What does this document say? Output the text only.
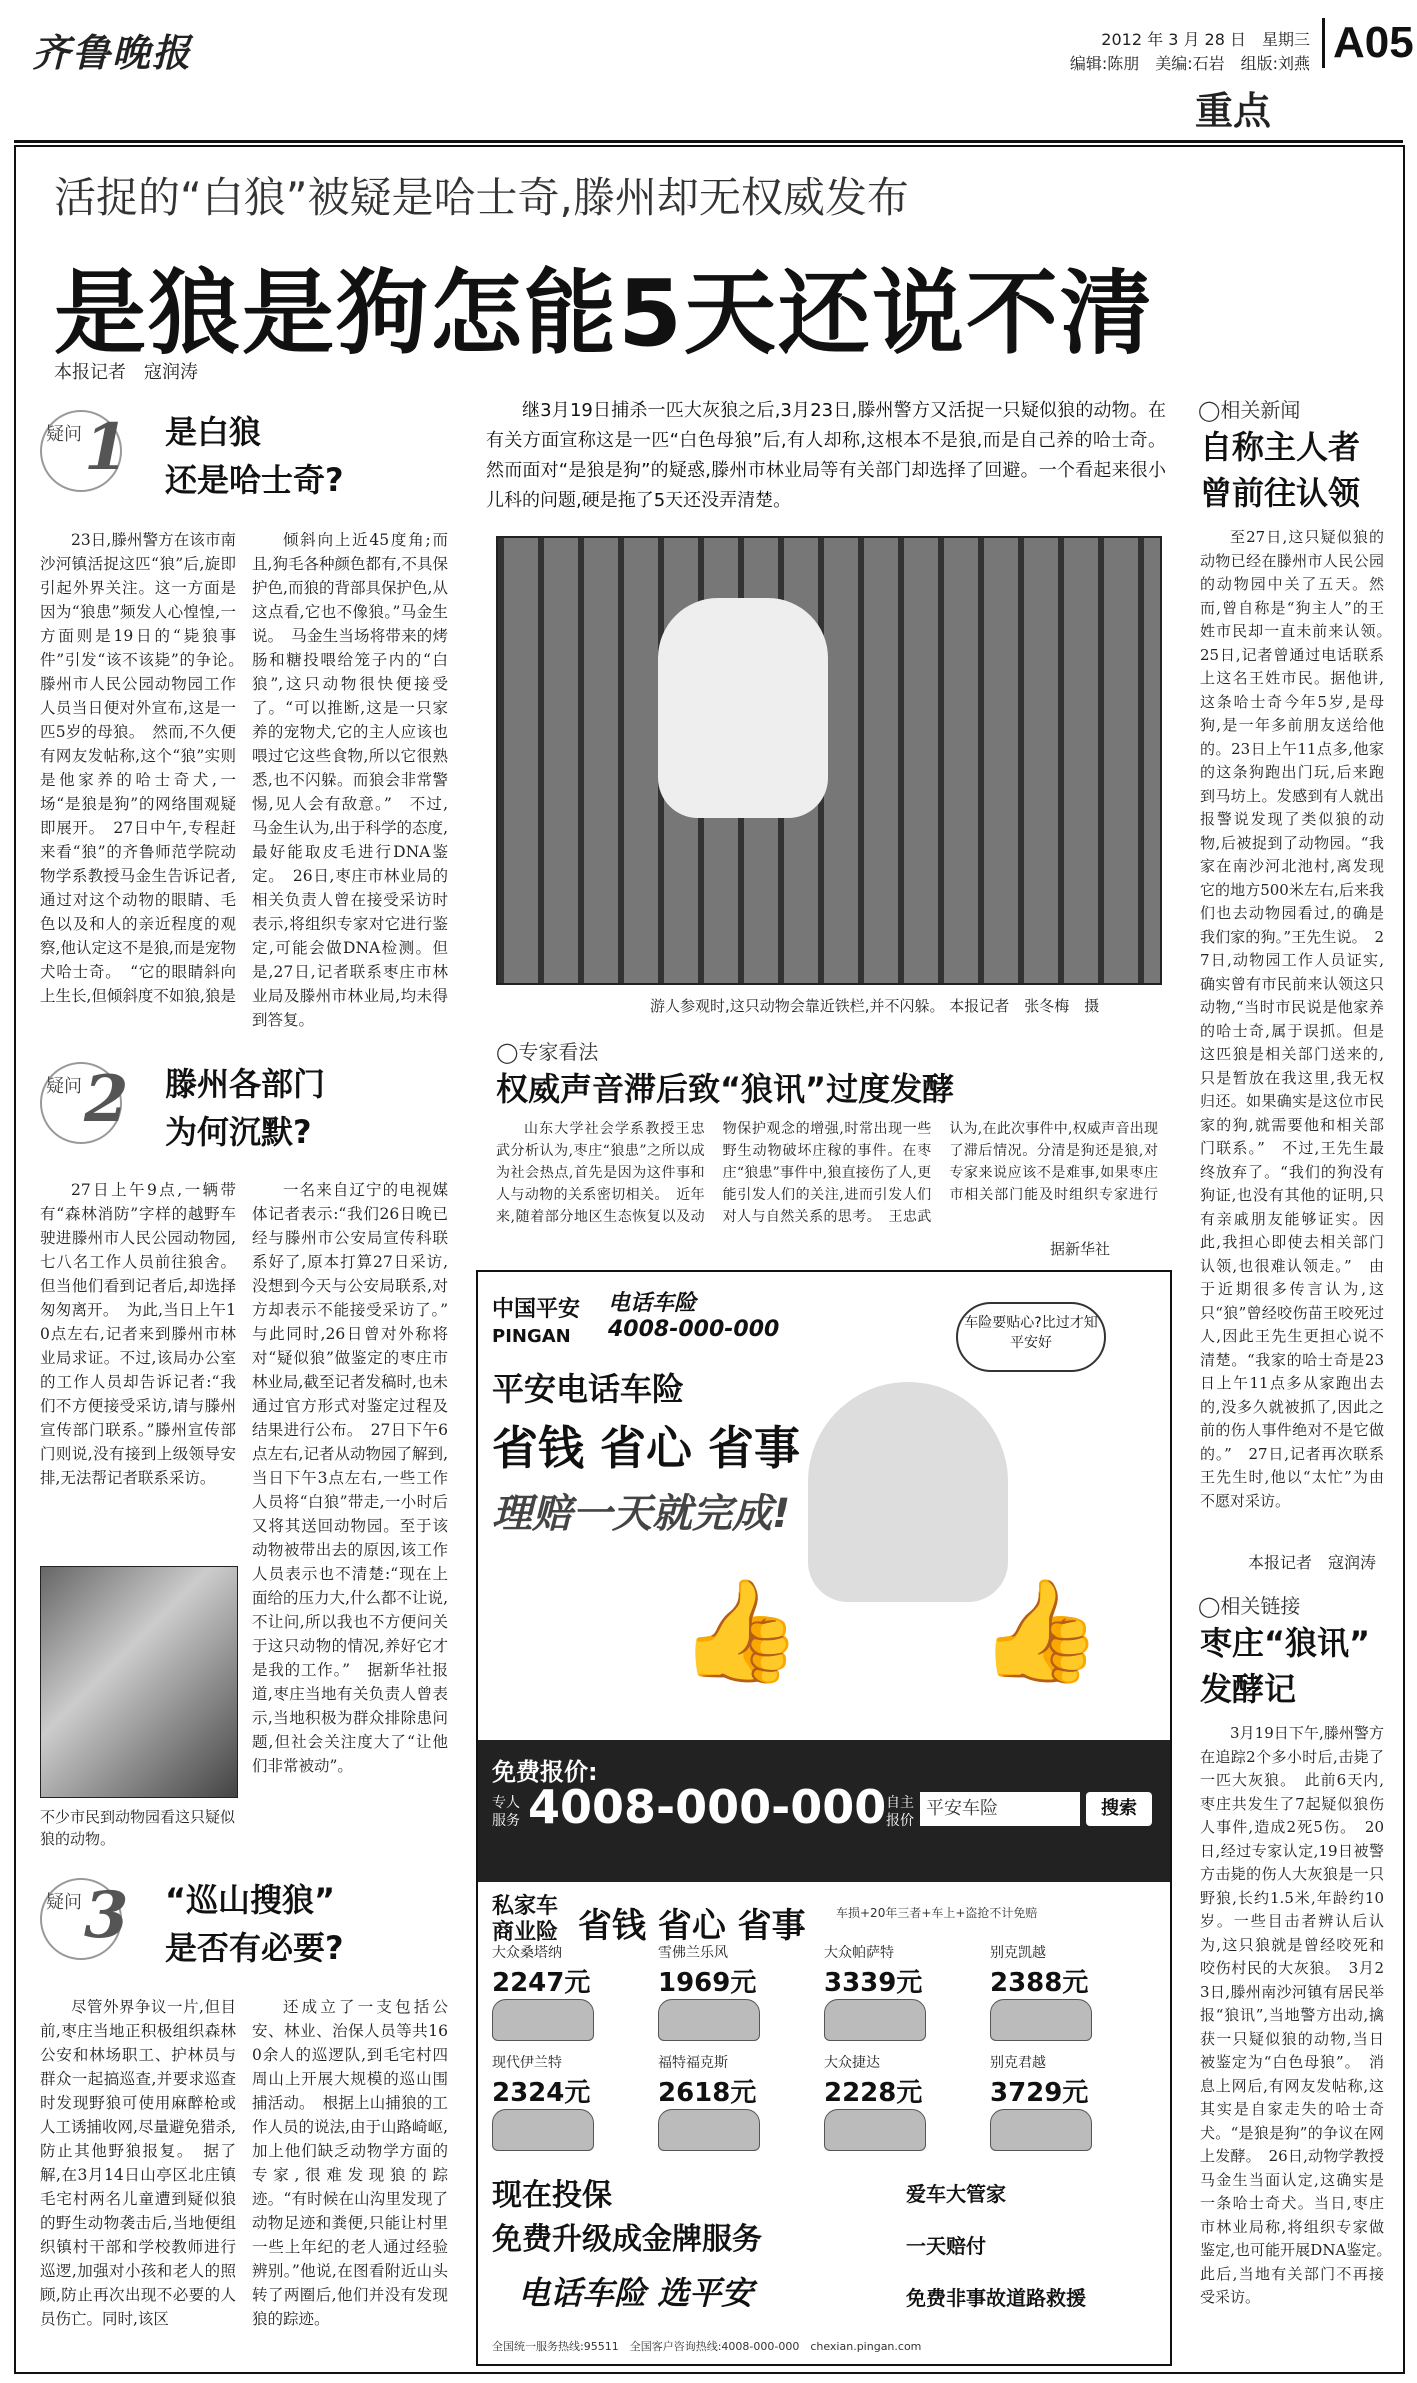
齐鲁晚报	2012 年 3 月 28 日　星期三
编辑:陈朋　美编:石岩　组版:刘燕 A05
重点
活捉的“白狼”被疑是哈士奇,滕州却无权威发布
是狼是狗怎能5天还说不清
本报记者　寇润涛
疑问 1 是白狼
还是哈士奇?
23日,滕州警方在该市南沙河镇活捉这匹“狼”后,旋即引起外界关注。这一方面是因为“狼患”频发人心惶惶,一方面则是19日的“毙狼事件”引发“该不该毙”的争论。　滕州市人民公园动物园工作人员当日便对外宣布,这是一匹5岁的母狼。　然而,不久便有网友发帖称,这个“狼”实则是他家养的哈士奇犬,一场“是狼是狗”的网络围观疑即展开。　27日中午,专程赶来看“狼”的齐鲁师范学院动物学系教授马金生告诉记者,通过对这个动物的眼睛、毛色以及和人的亲近程度的观察,他认定这不是狼,而是宠物犬哈士奇。　“它的眼睛斜向上生长,但倾斜度不如狼,狼是
倾斜向上近45度角;而且,狗毛各种颜色都有,不具保护色,而狼的背部具保护色,从这点看,它也不像狼。”马金生说。　马金生当场将带来的烤肠和糖投喂给笼子内的“白狼”,这只动物很快便接受了。“可以推断,这是一只家养的宠物犬,它的主人应该也喂过它这些食物,所以它很熟悉,也不闪躲。而狼会非常警惕,见人会有敌意。”　不过,马金生认为,出于科学的态度,最好能取皮毛进行DNA鉴定。　26日,枣庄市林业局的相关负责人曾在接受采访时表示,将组织专家对它进行鉴定,可能会做DNA检测。但是,27日,记者联系枣庄市林业局及滕州市林业局,均未得到答复。
疑问 2 滕州各部门
为何沉默?
27日上午9点,一辆带有“森林消防”字样的越野车驶进滕州市人民公园动物园,七八名工作人员前往狼舍。但当他们看到记者后,却选择匆匆离开。　为此,当日上午10点左右,记者来到滕州市林业局求证。不过,该局办公室的工作人员却告诉记者:“我们不方便接受采访,请与滕州宣传部门联系。”滕州宣传部门则说,没有接到上级领导安排,无法帮记者联系采访。
一名来自辽宁的电视媒体记者表示:“我们26日晚已经与滕州市公安局宣传科联系好了,原本打算27日采访,没想到今天与公安局联系,对方却表示不能接受采访了。”　与此同时,26日曾对外称将对“疑似狼”做鉴定的枣庄市林业局,截至记者发稿时,也未通过官方形式对鉴定过程及结果进行公布。　27日下午6点左右,记者从动物园了解到,当日下午3点左右,一些工作人员将“白狼”带走,一小时后又将其送回动物园。至于该动物被带出去的原因,该工作人员表示也不清楚:“现在上面给的压力大,什么都不让说,不让问,所以我也不方便问关于这只动物的情况,养好它才是我的工作。”　据新华社报道,枣庄当地有关负责人曾表示,当地积极为群众排除患问题,但社会关注度大了“让他们非常被动”。
不少市民到动物园看这只疑似狼的动物。
疑问 3 “巡山搜狼”
是否有必要?
尽管外界争议一片,但目前,枣庄当地正积极组织森林公安和林场职工、护林员与群众一起搞巡查,并要求巡查时发现野狼可使用麻醉枪或人工诱捕收网,尽量避免猎杀,防止其他野狼报复。　据了解,在3月14日山亭区北庄镇毛宅村两名儿童遭到疑似狼的野生动物袭击后,当地便组织镇村干部和学校教师进行巡逻,加强对小孩和老人的照顾,防止再次出现不必要的人员伤亡。同时,该区
还成立了一支包括公安、林业、治保人员等共160余人的巡逻队,到毛宅村四周山上开展大规模的巡山围捕活动。　根据上山捕狼的工作人员的说法,由于山路崎岖,加上他们缺乏动物学方面的专家,很难发现狼的踪迹。“有时候在山沟里发现了动物足迹和粪便,只能让村里一些上年纪的老人通过经验辨别。”他说,在图看附近山头转了两圈后,他们并没有发现狼的踪迹。
继3月19日捕杀一匹大灰狼之后,3月23日,滕州警方又活捉一只疑似狼的动物。在有关方面宣称这是一匹“白色母狼”后,有人却称,这根本不是狼,而是自己养的哈士奇。然而面对“是狼是狗”的疑惑,滕州市林业局等有关部门却选择了回避。一个看起来很小儿科的问题,硬是拖了5天还没弄清楚。
游人参观时,这只动物会靠近铁栏,并不闪躲。 本报记者　张冬梅　摄
◯专家看法
权威声音滞后致“狼讯”过度发酵
山东大学社会学系教授王忠武分析认为,枣庄“狼患”之所以成为社会热点,首先是因为这件事和人与动物的关系密切相关。　近年来,随着部分地区生态恢复以及动物保护观念的增强,时常出现一些野生动物破坏庄稼的事件。在枣庄“狼患”事件中,狼直接伤了人,更能引发人们的关注,进而引发人们对人与自然关系的思考。　王忠武认为,在此次事件中,权威声音出现了滞后情况。分清是狗还是狼,对专家来说应该不是难事,如果枣庄市相关部门能及时组织专家进行
据新华社
中国平安
PINGAN
电话车险
4008-000-000
平安电话车险
省钱 省心 省事
理赔一天就完成!
车险要贴心?比过才知平安好
👍 👍
免费报价:
专人服务 4008-000-000 自主报价
平安车险	搜索
私家车商业险 省钱 省心 省事	车损+20年三者+车上+盗抢不计免赔
大众桑塔纳
2247元
雪佛兰乐风
1969元
大众帕萨特
3339元
别克凯越
2388元
现代伊兰特
2324元
福特福克斯
2618元
大众捷达
2228元
别克君越
3729元
现在投保
免费升级成金牌服务
电话车险 选平安
爱车大管家
一天赔付
免费非事故道路救援
全国统一服务热线:95511　全国客户咨询热线:4008-000-000　chexian.pingan.com
◯相关新闻
自称主人者
曾前往认领
至27日,这只疑似狼的动物已经在滕州市人民公园的动物园中关了五天。然而,曾自称是“狗主人”的王姓市民却一直未前来认领。　25日,记者曾通过电话联系上这名王姓市民。据他讲,这条哈士奇今年5岁,是母狗,是一年多前朋友送给他的。23日上午11点多,他家的这条狗跑出门玩,后来跑到马坊上。发感到有人就出报警说发现了类似狼的动物,后被捉到了动物园。“我家在南沙河北池村,离发现它的地方500米左右,后来我们也去动物园看过,的确是我们家的狗。”王先生说。　27日,动物园工作人员证实,确实曾有市民前来认领这只动物,“当时市民说是他家养的哈士奇,属于误抓。但是这匹狼是相关部门送来的,只是暂放在我这里,我无权归还。如果确实是这位市民家的狗,就需要他和相关部门联系。”　不过,王先生最终放弃了。“我们的狗没有狗证,也没有其他的证明,只有亲戚朋友能够证实。因此,我担心即使去相关部门认领,也很难认领走。”　由于近期很多传言认为,这只“狼”曾经咬伤苗王咬死过人,因此王先生更担心说不清楚。“我家的哈士奇是23日上午11点多从家跑出去的,没多久就被抓了,因此之前的伤人事件绝对不是它做的。”　27日,记者再次联系王先生时,他以“太忙”为由不愿对采访。
本报记者　寇润涛
◯相关链接
枣庄“狼讯”
发酵记
3月19日下午,滕州警方在追踪2个多小时后,击毙了一匹大灰狼。　此前6天内,枣庄共发生了7起疑似狼伤人事件,造成2死5伤。　20日,经过专家认定,19日被警方击毙的伤人大灰狼是一只野狼,长约1.5米,年龄约10岁。一些目击者辨认后认为,这只狼就是曾经咬死和咬伤村民的大灰狼。　3月23日,滕州南沙河镇有居民举报“狼讯”,当地警方出动,擒获一只疑似狼的动物,当日被鉴定为“白色母狼”。　消息上网后,有网友发帖称,这其实是自家走失的哈士奇犬。“是狼是狗”的争议在网上发酵。　26日,动物学教授马金生当面认定,这确实是一条哈士奇犬。当日,枣庄市林业局称,将组织专家做鉴定,也可能开展DNA鉴定。　此后,当地有关部门不再接受采访。
